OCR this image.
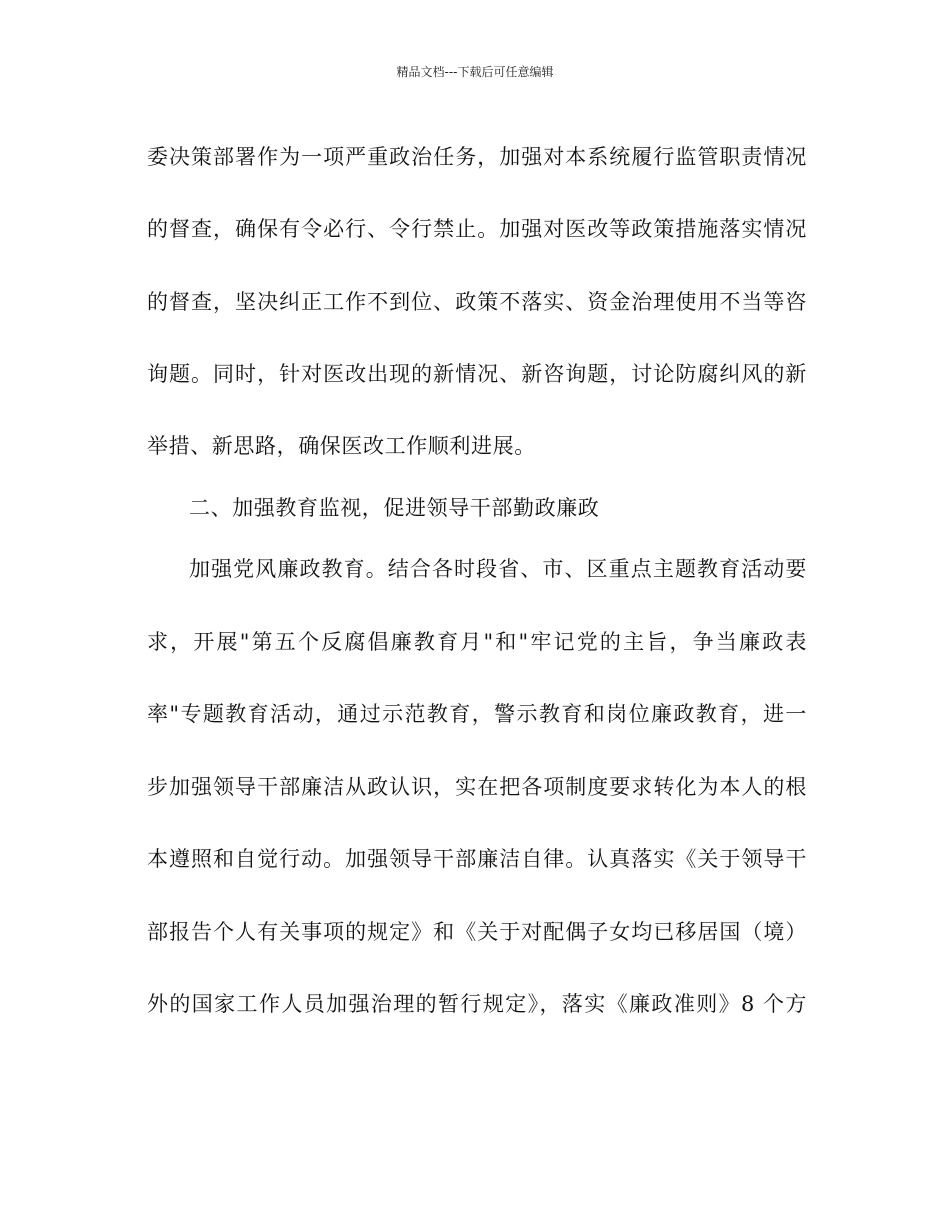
精品文档---下载后可任意编辑
委决策部署作为一项严重政治任务，加强对本系统履行监管职责情况
的督查，确保有令必行、令行禁止。加强对医改等政策措施落实情况
的督查，坚决纠正工作不到位、政策不落实、资金治理使用不当等咨
询题。同时，针对医改出现的新情况、新咨询题，讨论防腐纠风的新
举措、新思路，确保医改工作顺利进展。
二、加强教育监视，促进领导干部勤政廉政
加强党风廉政教育。结合各时段省、市、区重点主题教育活动要
求，开展"第五个反腐倡廉教育月"和"牢记党的主旨，争当廉政表
率"专题教育活动，通过示范教育，警示教育和岗位廉政教育，进一
步加强领导干部廉洁从政认识，实在把各项制度要求转化为本人的根
本遵照和自觉行动。加强领导干部廉洁自律。认真落实《关于领导干
部报告个人有关事项的规定》和《关于对配偶子女均已移居国（境）
外的国家工作人员加强治理的暂行规定》，落实《廉政准则》8 个方
